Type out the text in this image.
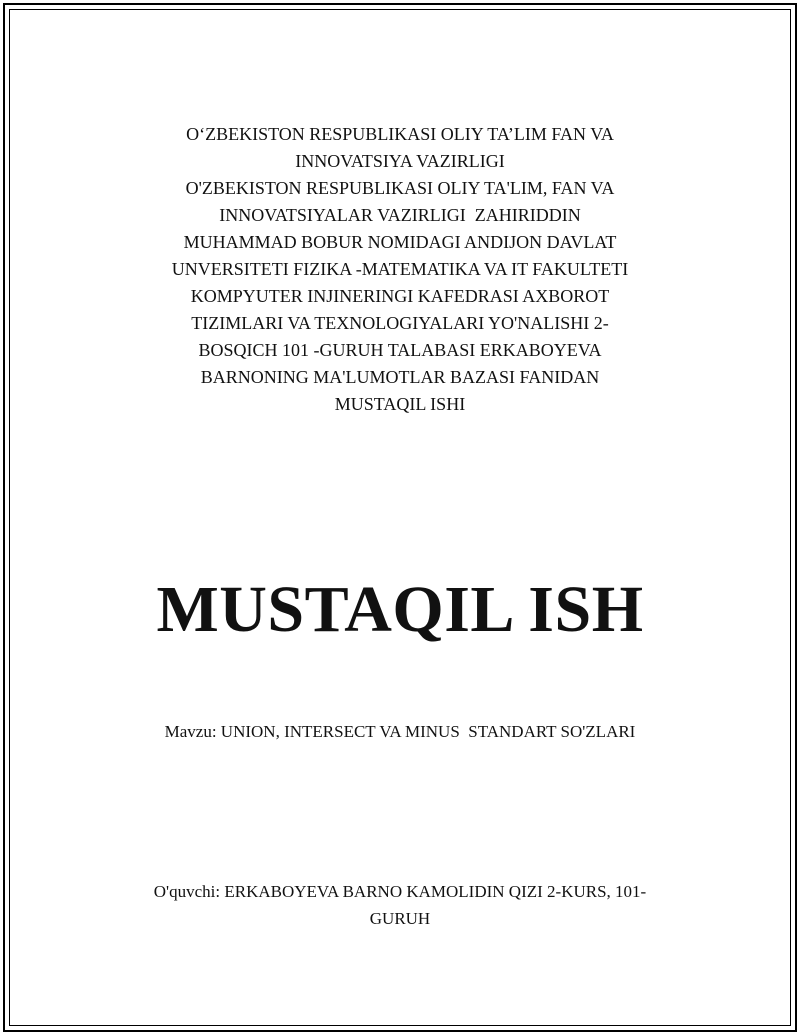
O‘ZBEKISTON RESPUBLIKASI OLIY TA’LIM FAN VA
INNOVATSIYA VAZIRLIGI
O'ZBEKISTON RESPUBLIKASI OLIY TA'LIM, FAN VA
INNOVATSIYALAR VAZIRLIGI  ZAHIRIDDIN
MUHAMMAD BOBUR NOMIDAGI ANDIJON DAVLAT
UNVERSITETI FIZIKA -MATEMATIKA VA IT FAKULTETI
KOMPYUTER INJINERINGI KAFEDRASI AXBOROT
TIZIMLARI VA TEXNOLOGIYALARI YO'NALISHI 2-
BOSQICH 101 -GURUH TALABASI ERKABOYEVA
BARNONING MA'LUMOTLAR BAZASI FANIDAN
MUSTAQIL ISHI
MUSTAQIL ISH

Mavzu: UNION, INTERSECT VA MINUS  STANDART SO'ZLARI

O'quvchi: ERKABOYEVA BARNO KAMOLIDIN QIZI 2-KURS, 101-
GURUH
